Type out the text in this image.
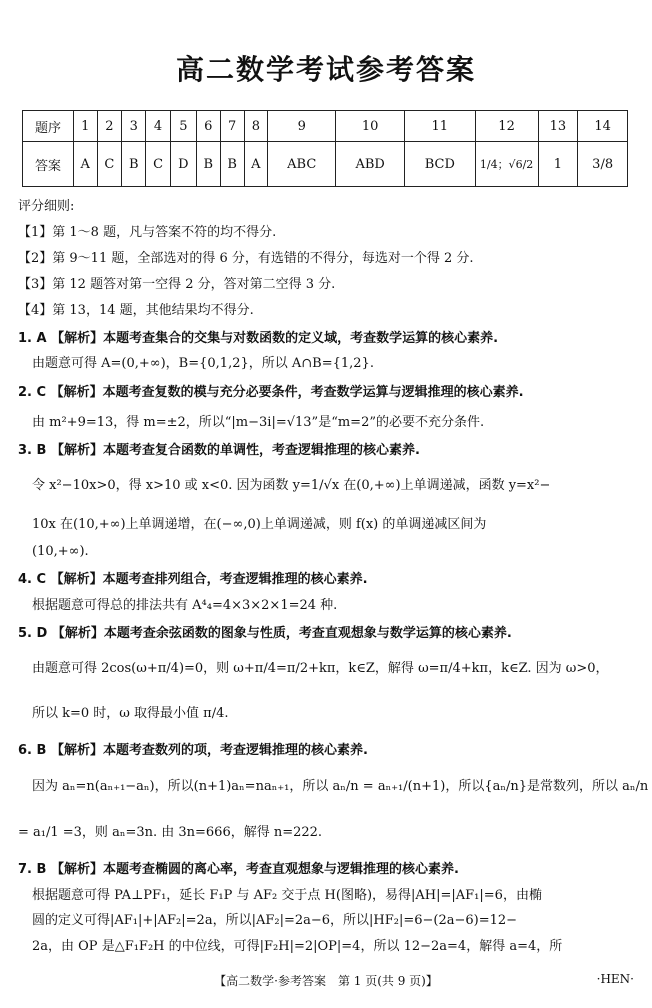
高二数学考试参考答案
题序	1	2	3	4	5	6	7	8	9	10	11	12	13	14
答案	A	C	B	C	D	B	B	A	ABC	ABD	BCD	1/4；√6/2	1	3/8
评分细则:
【1】第 1～8 题，凡与答案不符的均不得分.
【2】第 9～11 题，全部选对的得 6 分，有选错的不得分，每选对一个得 2 分.
【3】第 12 题答对第一空得 2 分，答对第二空得 3 分.
【4】第 13，14 题，其他结果均不得分.
1. A 【解析】本题考查集合的交集与对数函数的定义域，考查数学运算的核心素养.
由题意可得 A=(0,+∞)，B={0,1,2}，所以 A∩B={1,2}.
2. C 【解析】本题考查复数的模与充分必要条件，考查数学运算与逻辑推理的核心素养.
由 m²+9=13，得 m=±2，所以“|m−3i|=√13”是“m=2”的必要不充分条件.
3. B 【解析】本题考查复合函数的单调性，考查逻辑推理的核心素养.
令 x²−10x>0，得 x>10 或 x<0. 因为函数 y=1/√x 在(0,+∞)上单调递减，函数 y=x²−
10x 在(10,+∞)上单调递增，在(−∞,0)上单调递减，则 f(x) 的单调递减区间为
(10,+∞).
4. C 【解析】本题考查排列组合，考查逻辑推理的核心素养.
根据题意可得总的排法共有 A⁴₄=4×3×2×1=24 种.
5. D 【解析】本题考查余弦函数的图象与性质，考查直观想象与数学运算的核心素养.
由题意可得 2cos(ω+π/4)=0，则 ω+π/4=π/2+kπ，k∈Z，解得 ω=π/4+kπ，k∈Z. 因为 ω>0，
所以 k=0 时，ω 取得最小值 π/4.
6. B 【解析】本题考查数列的项，考查逻辑推理的核心素养.
因为 aₙ=n(aₙ₊₁−aₙ)，所以(n+1)aₙ=naₙ₊₁，所以 aₙ/n = aₙ₊₁/(n+1)，所以{aₙ/n}是常数列，所以 aₙ/n
= a₁/1 =3，则 aₙ=3n. 由 3n=666，解得 n=222.
7. B 【解析】本题考查椭圆的离心率，考查直观想象与逻辑推理的核心素养.
根据题意可得 PA⊥PF₁，延长 F₁P 与 AF₂ 交于点 H(图略)，易得|AH|=|AF₁|=6，由椭
圆的定义可得|AF₁|+|AF₂|=2a，所以|AF₂|=2a−6，所以|HF₂|=6−(2a−6)=12−
2a，由 OP 是△F₁F₂H 的中位线，可得|F₂H|=2|OP|=4，所以 12−2a=4，解得 a=4，所
【高二数学·参考答案　第 1 页(共 9 页)】	·HEN·
